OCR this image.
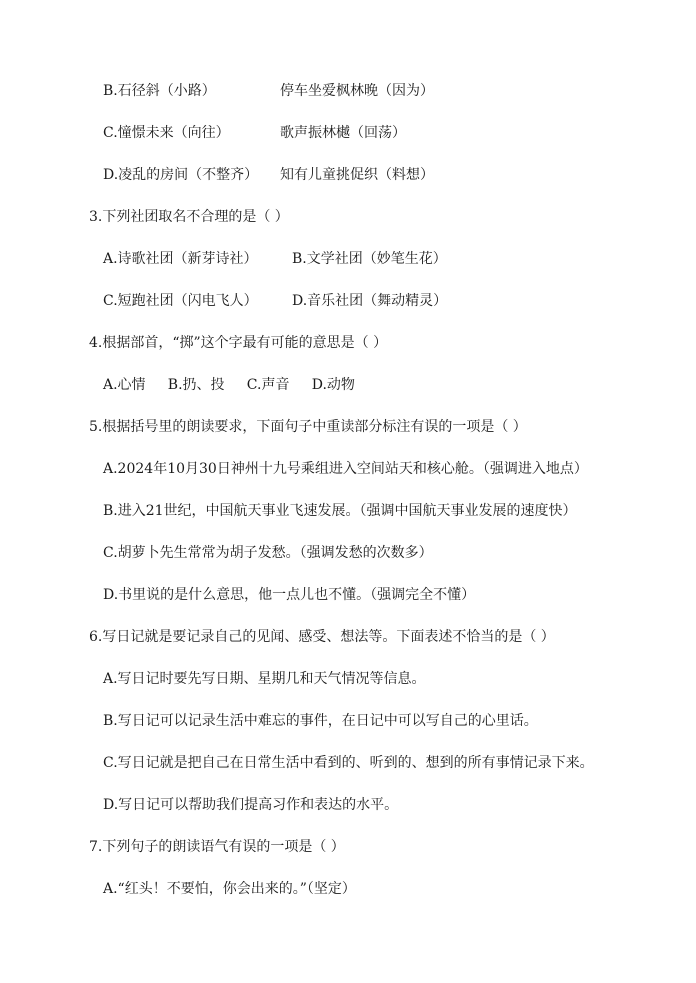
B.石径斜（小路）	停车坐爱枫林晚（因为）
C.憧憬未来（向往）	歌声振林樾（回荡）
D.凌乱的房间（不整齐） 知有儿童挑促织（料想）
3.下列社团取名不合理的是（ ）
A.诗歌社团（新芽诗社） B.文学社团（妙笔生花）
C.短跑社团（闪电飞人） D.音乐社团（舞动精灵）
4.根据部首，“掷”这个字最有可能的意思是（ ）
A.心情     B.扔、投     C.声音     D.动物
5.根据括号里的朗读要求，下面句子中重读部分标注有误的一项是（ ）
A.2024年10月30日神州十九号乘组进入空间站天和核心舱。（强调进入地点）
B.进入21世纪，中国航天事业飞速发展。（强调中国航天事业发展的速度快）
C.胡萝卜先生常常为胡子发愁。（强调发愁的次数多）
D.书里说的是什么意思，他一点儿也不懂。（强调完全不懂）
6.写日记就是要记录自己的见闻、感受、想法等。下面表述不恰当的是（ ）
A.写日记时要先写日期、星期几和天气情况等信息。
B.写日记可以记录生活中难忘的事件，在日记中可以写自己的心里话。
C.写日记就是把自己在日常生活中看到的、听到的、想到的所有事情记录下来。
D.写日记可以帮助我们提高习作和表达的水平。
7.下列句子的朗读语气有误的一项是（ ）
A.“红头！不要怕，你会出来的。”（坚定）
